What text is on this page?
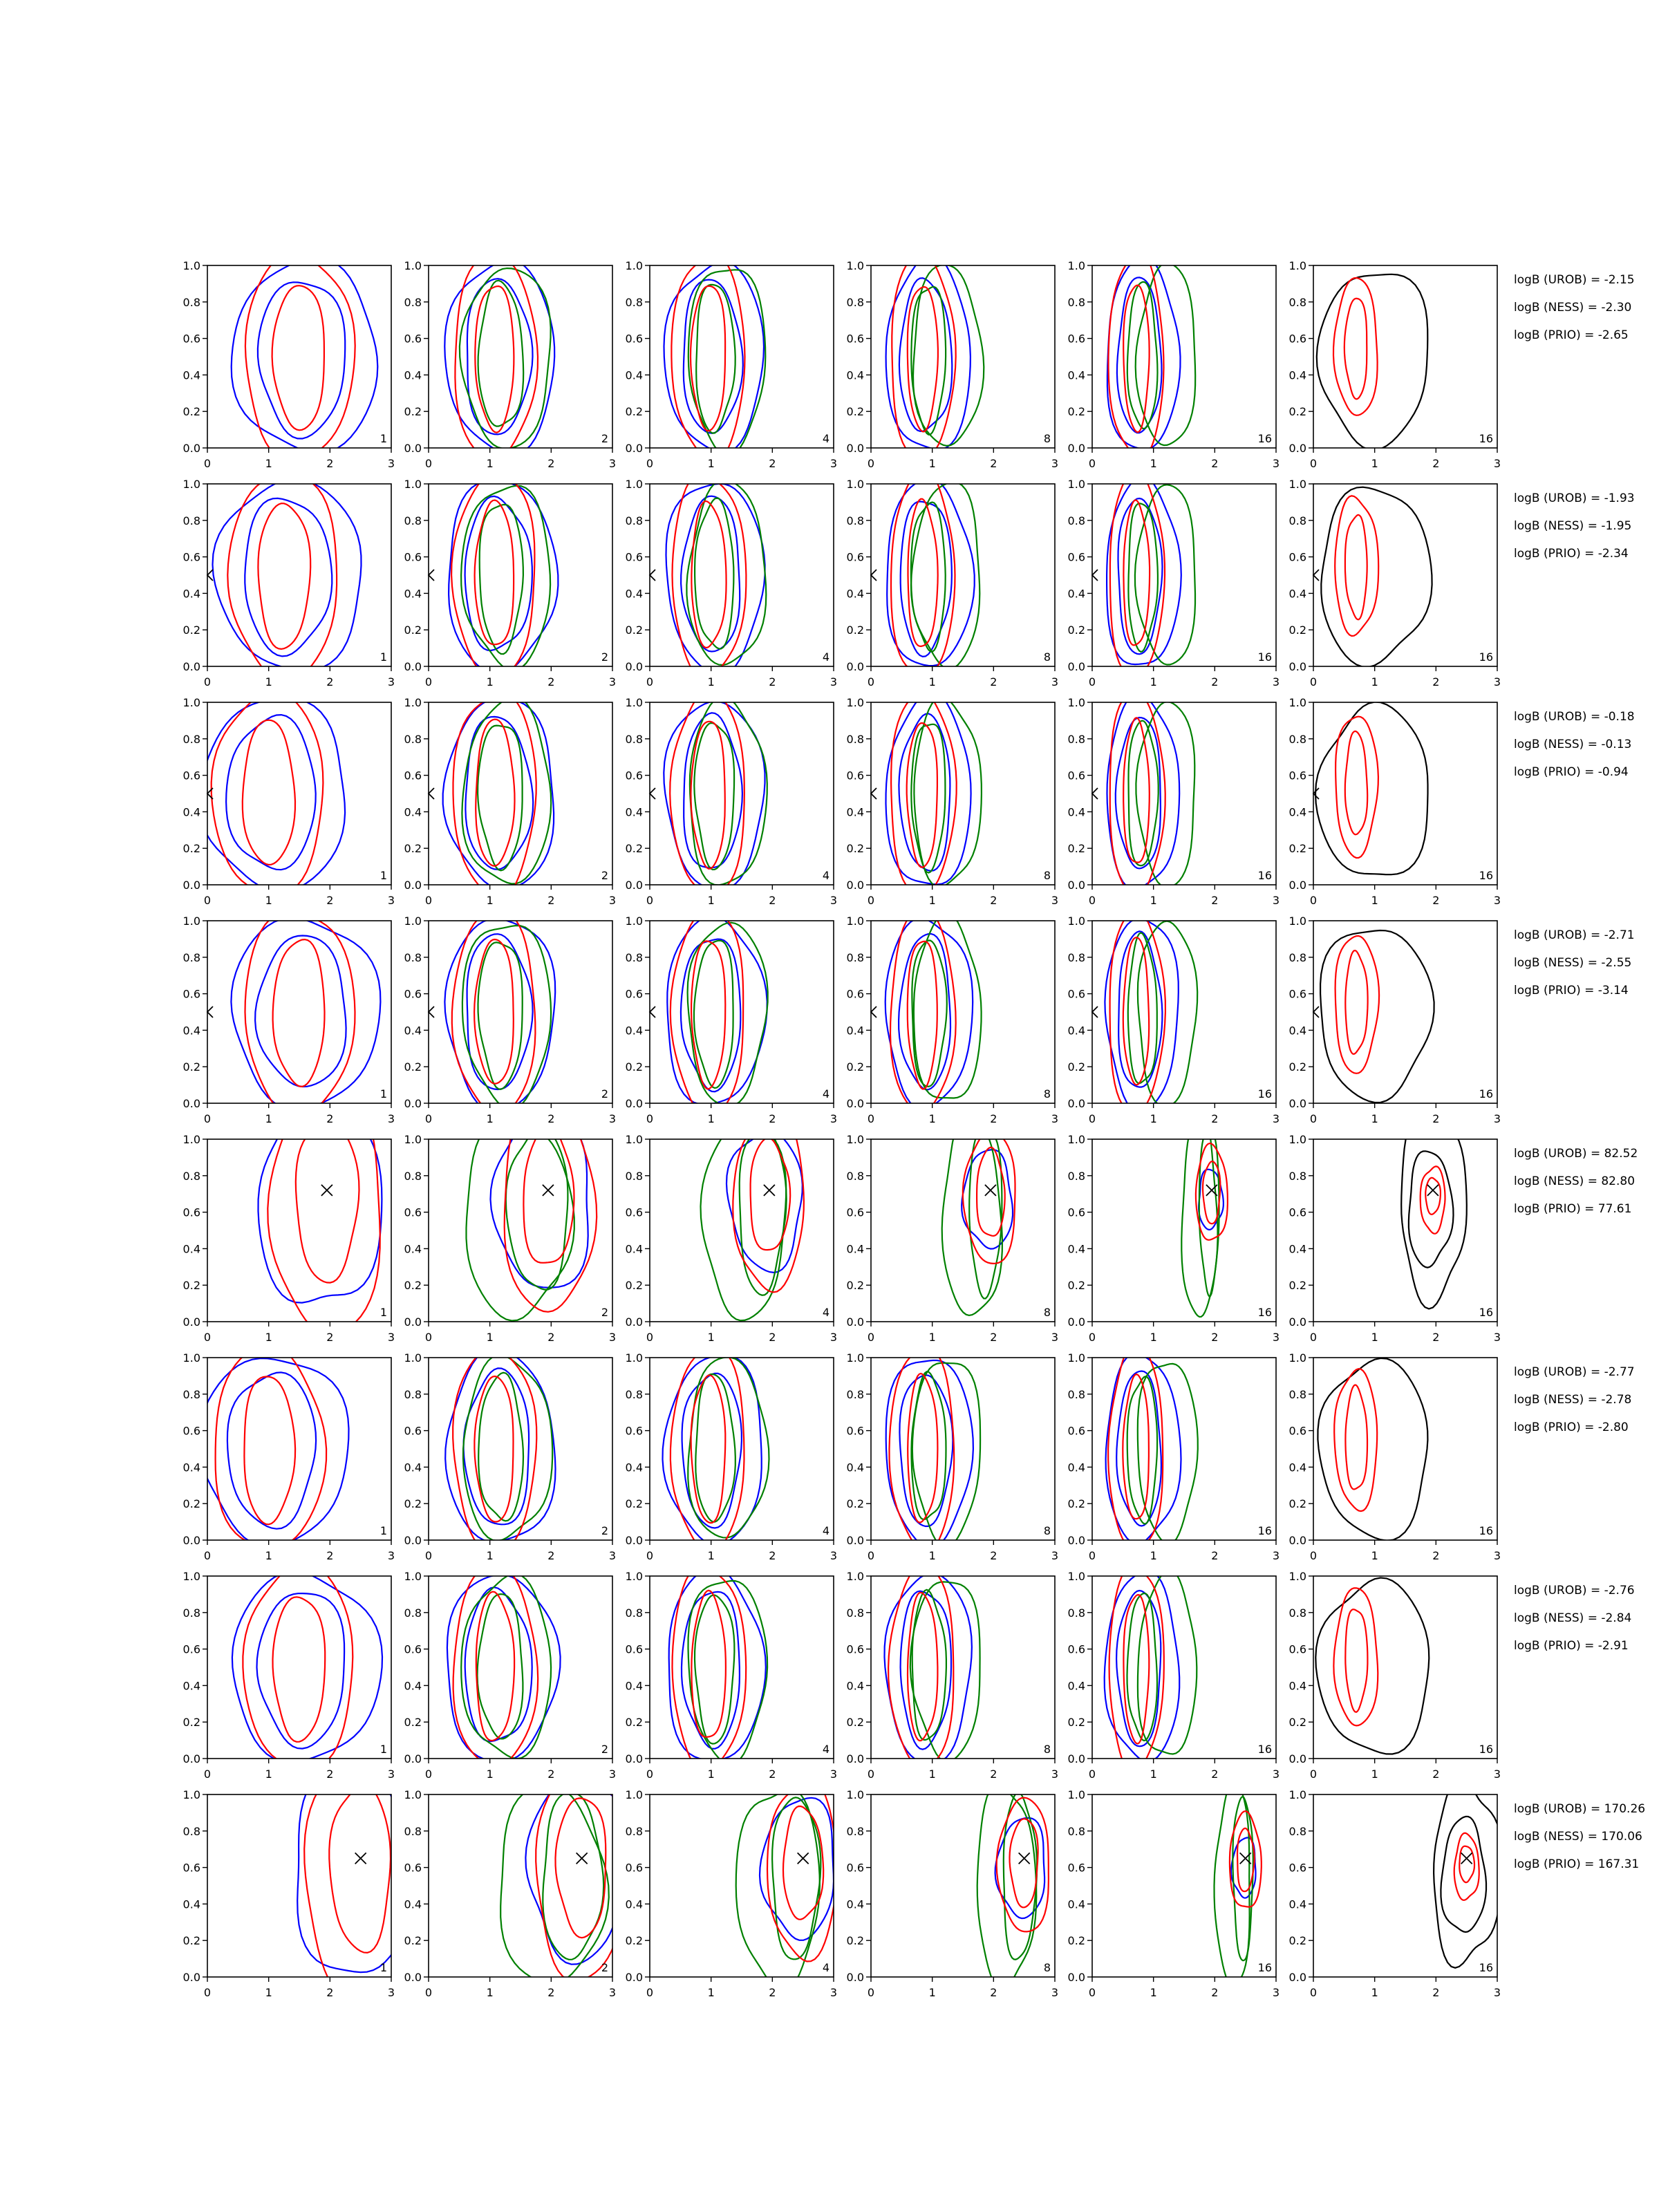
0	1	2	3
0.0
0.2
0.4
0.6
0.8
1.0
1
0	1	2	3
0.0
0.2
0.4
0.6
0.8
1.0
2
0	1	2	3
0.0
0.2
0.4
0.6
0.8
1.0
4
0	1	2	3
0.0
0.2
0.4
0.6
0.8
1.0
8
0	1	2	3
0.0
0.2
0.4
0.6
0.8
1.0
16
0	1	2	3
0.0
0.2
0.4
0.6
0.8
1.0
16
0	1	2	3
0.0
0.2
0.4
0.6
0.8
1.0
1
0	1	2	3
0.0
0.2
0.4
0.6
0.8
1.0
2
0	1	2	3
0.0
0.2
0.4
0.6
0.8
1.0
4
0	1	2	3
0.0
0.2
0.4
0.6
0.8
1.0
8
0	1	2	3
0.0
0.2
0.4
0.6
0.8
1.0
16
0	1	2	3
0.0
0.2
0.4
0.6
0.8
1.0
16
0	1	2	3
0.0
0.2
0.4
0.6
0.8
1.0
1
0	1	2	3
0.0
0.2
0.4
0.6
0.8
1.0
2
0	1	2	3
0.0
0.2
0.4
0.6
0.8
1.0
4
0	1	2	3
0.0
0.2
0.4
0.6
0.8
1.0
8
0	1	2	3
0.0
0.2
0.4
0.6
0.8
1.0
16
0	1	2	3
0.0
0.2
0.4
0.6
0.8
1.0
16
0	1	2	3
0.0
0.2
0.4
0.6
0.8
1.0
1
0	1	2	3
0.0
0.2
0.4
0.6
0.8
1.0
2
0	1	2	3
0.0
0.2
0.4
0.6
0.8
1.0
4
0	1	2	3
0.0
0.2
0.4
0.6
0.8
1.0
8
0	1	2	3
0.0
0.2
0.4
0.6
0.8
1.0
16
0	1	2	3
0.0
0.2
0.4
0.6
0.8
1.0
16
0	1	2	3
0.0
0.2
0.4
0.6
0.8
1.0
1
0	1	2	3
0.0
0.2
0.4
0.6
0.8
1.0
2
0	1	2	3
0.0
0.2
0.4
0.6
0.8
1.0
4
0	1	2	3
0.0
0.2
0.4
0.6
0.8
1.0
8
0	1	2	3
0.0
0.2
0.4
0.6
0.8
1.0
16
0	1	2	3
0.0
0.2
0.4
0.6
0.8
1.0
16
0	1	2	3
0.0
0.2
0.4
0.6
0.8
1.0
1
0	1	2	3
0.0
0.2
0.4
0.6
0.8
1.0
2
0	1	2	3
0.0
0.2
0.4
0.6
0.8
1.0
4
0	1	2	3
0.0
0.2
0.4
0.6
0.8
1.0
8
0	1	2	3
0.0
0.2
0.4
0.6
0.8
1.0
16
0	1	2	3
0.0
0.2
0.4
0.6
0.8
1.0
16
0	1	2	3
0.0
0.2
0.4
0.6
0.8
1.0
1
0	1	2	3
0.0
0.2
0.4
0.6
0.8
1.0
2
0	1	2	3
0.0
0.2
0.4
0.6
0.8
1.0
4
0	1	2	3
0.0
0.2
0.4
0.6
0.8
1.0
8
0	1	2	3
0.0
0.2
0.4
0.6
0.8
1.0
16
0	1	2	3
0.0
0.2
0.4
0.6
0.8
1.0
16
0	1	2	3
0.0
0.2
0.4
0.6
0.8
1.0
1
0	1	2	3
0.0
0.2
0.4
0.6
0.8
1.0
2
0	1	2	3
0.0
0.2
0.4
0.6
0.8
1.0
4
0	1	2	3
0.0
0.2
0.4
0.6
0.8
1.0
8
0	1	2	3
0.0
0.2
0.4
0.6
0.8
1.0
16
0	1	2	3
0.0
0.2
0.4
0.6
0.8
1.0
16
logB (UROB) = -2.15
logB (NESS) = -2.30
logB (PRIO) = -2.65
logB (UROB) = -1.93
logB (NESS) = -1.95
logB (PRIO) = -2.34
logB (UROB) = -0.18
logB (NESS) = -0.13
logB (PRIO) = -0.94
logB (UROB) = -2.71
logB (NESS) = -2.55
logB (PRIO) = -3.14
logB (UROB) = 82.52
logB (NESS) = 82.80
logB (PRIO) = 77.61
logB (UROB) = -2.77
logB (NESS) = -2.78
logB (PRIO) = -2.80
logB (UROB) = -2.76
logB (NESS) = -2.84
logB (PRIO) = -2.91
logB (UROB) = 170.26
logB (NESS) = 170.06
logB (PRIO) = 167.31
